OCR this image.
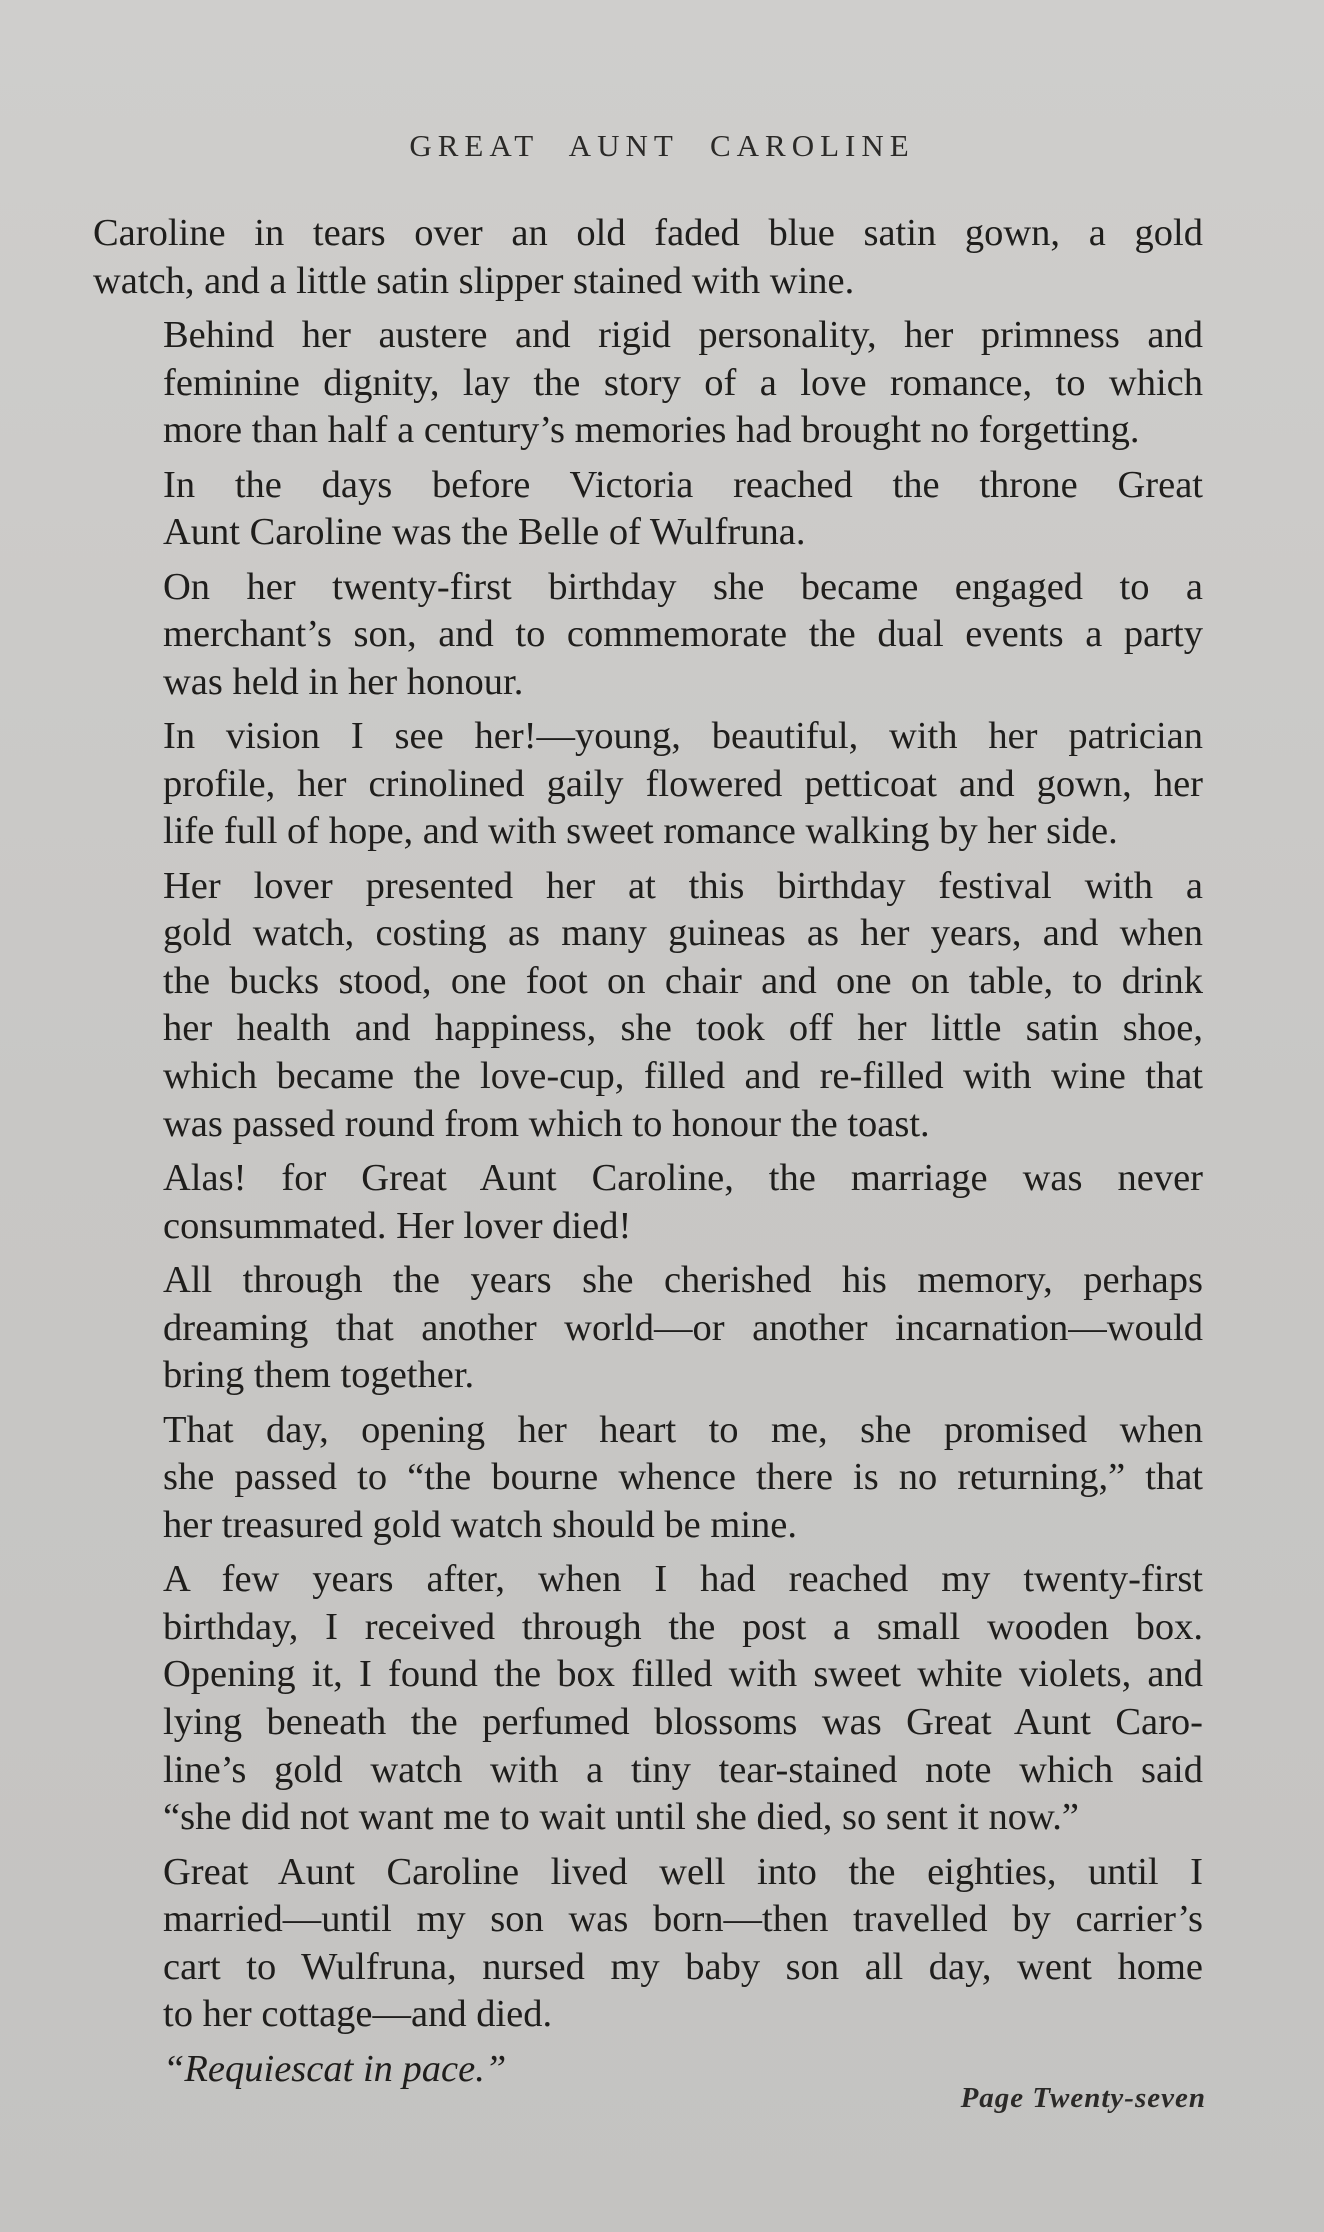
GREAT AUNT CAROLINE

Caroline in tears over an old faded blue satin gown, a gold
watch, and a little satin slipper stained with wine.

Behind her austere and rigid personality, her primness and
feminine dignity, lay the story of a love romance, to which
more than half a century’s memories had brought no forgetting.

In the days before Victoria reached the throne Great
Aunt Caroline was the Belle of Wulfruna.

On her twenty-first birthday she became engaged to a
merchant’s son, and to commemorate the dual events a party
was held in her honour.

In vision I see her!—young, beautiful, with her patrician
profile, her crinolined gaily flowered petticoat and gown, her
life full of hope, and with sweet romance walking by her side.

Her lover presented her at this birthday festival with a
gold watch, costing as many guineas as her years, and when
the bucks stood, one foot on chair and one on table, to drink
her health and happiness, she took off her little satin shoe,
which became the love-cup, filled and re-filled with wine that
was passed round from which to honour the toast.

Alas! for Great Aunt Caroline, the marriage was never
consummated. Her lover died!

All through the years she cherished his memory, perhaps
dreaming that another world—or another incarnation—would
bring them together.

That day, opening her heart to me, she promised when
she passed to “the bourne whence there is no returning,” that
her treasured gold watch should be mine.

A few years after, when I had reached my twenty-first
birthday, I received through the post a small wooden box.
Opening it, I found the box filled with sweet white violets, and
lying beneath the perfumed blossoms was Great Aunt Caro-
line’s gold watch with a tiny tear-stained note which said
“she did not want me to wait until she died, so sent it now.”

Great Aunt Caroline lived well into the eighties, until I
married—until my son was born—then travelled by carrier’s
cart to Wulfruna, nursed my baby son all day, went home
to her cottage—and died.

“Requiescat in pace.”

Page Twenty-seven
